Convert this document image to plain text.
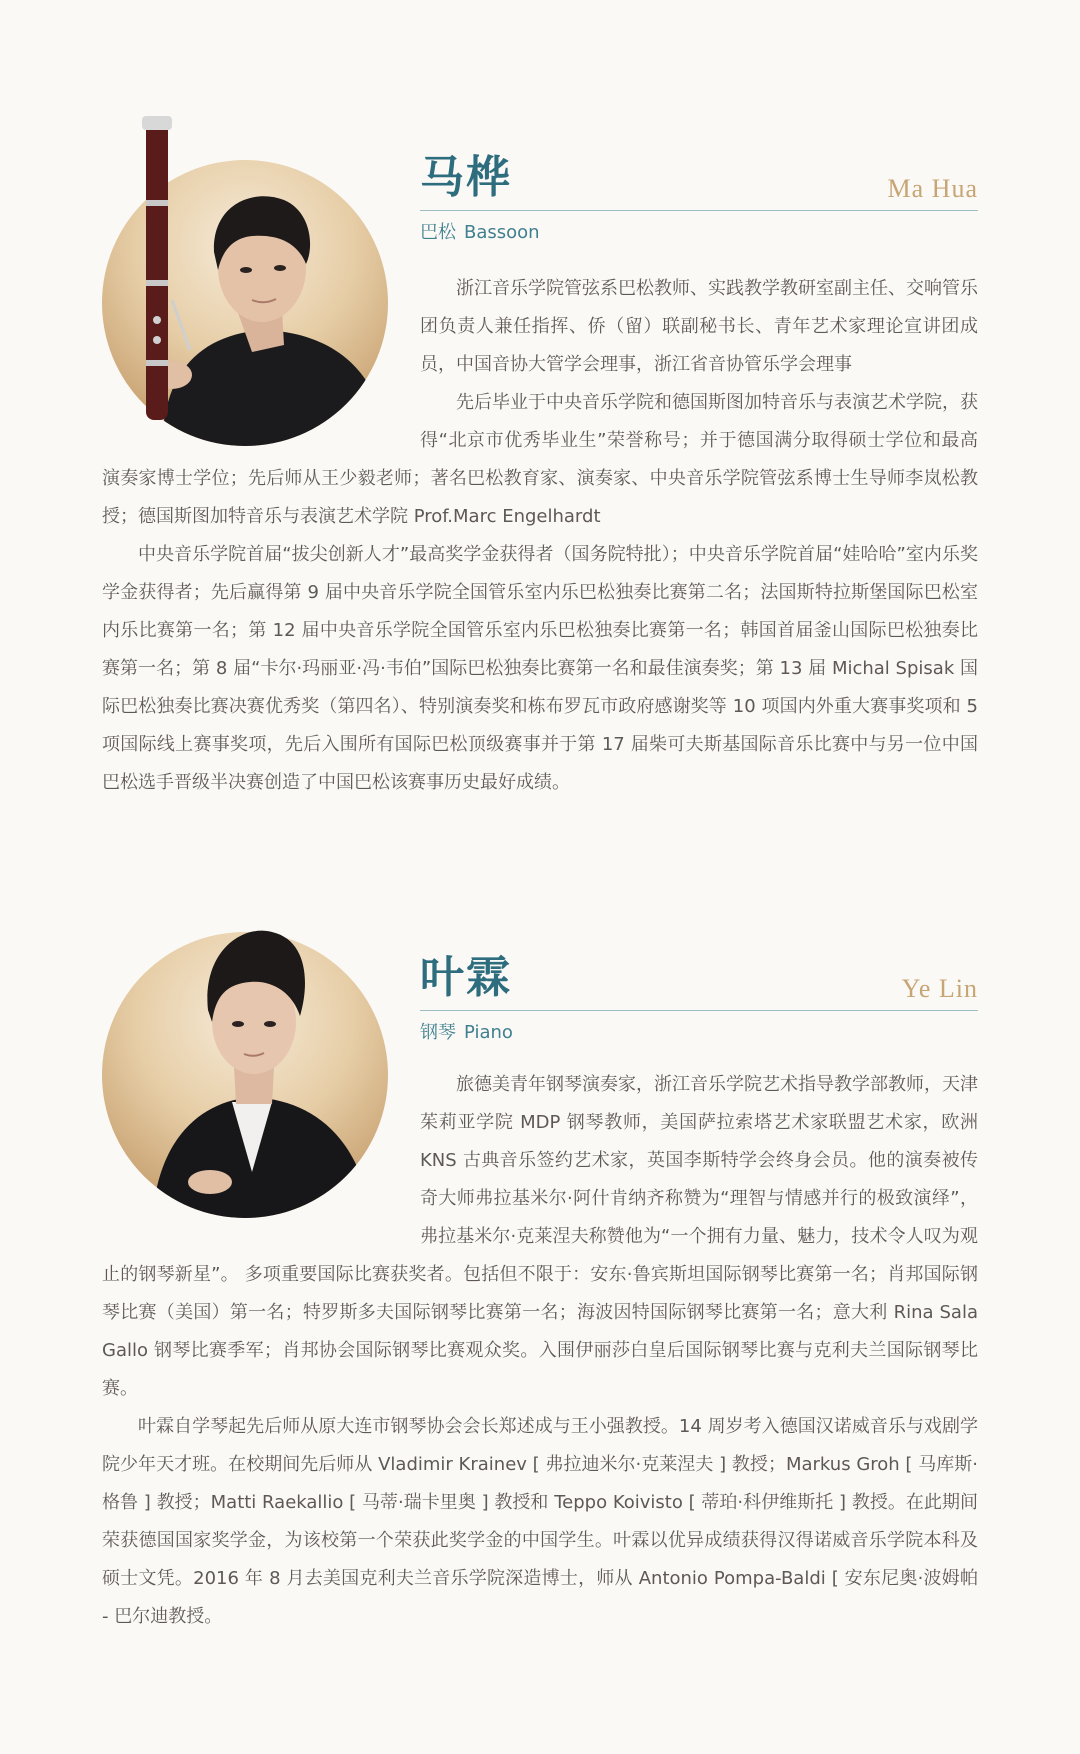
马桦	Ma Hua
巴松 Bassoon

浙江音乐学院管弦系巴松教师、实践教学教研室副主任、交响管乐团负责人兼任指挥、侨（留）联副秘书长、青年艺术家理论宣讲团成员，中国音协大管学会理事，浙江省音协管乐学会理事

先后毕业于中央音乐学院和德国斯图加特音乐与表演艺术学院，获得“北京市优秀毕业生”荣誉称号；并于德国满分取得硕士学位和最高演奏家博士学位；先后师从王少毅老师；著名巴松教育家、演奏家、中央音乐学院管弦系博士生导师李岚松教授；德国斯图加特音乐与表演艺术学院 Prof.Marc Engelhardt

中央音乐学院首届“拔尖创新人才”最高奖学金获得者（国务院特批）；中央音乐学院首届“娃哈哈”室内乐奖学金获得者；先后赢得第 9 届中央音乐学院全国管乐室内乐巴松独奏比赛第二名；法国斯特拉斯堡国际巴松室内乐比赛第一名；第 12 届中央音乐学院全国管乐室内乐巴松独奏比赛第一名；韩国首届釜山国际巴松独奏比赛第一名；第 8 届“卡尔·玛丽亚·冯·韦伯”国际巴松独奏比赛第一名和最佳演奏奖；第 13 届 Michal Spisak 国际巴松独奏比赛决赛优秀奖（第四名）、特别演奏奖和栋布罗瓦市政府感谢奖等 10 项国内外重大赛事奖项和 5 项国际线上赛事奖项，先后入围所有国际巴松顶级赛事并于第 17 届柴可夫斯基国际音乐比赛中与另一位中国巴松选手晋级半决赛创造了中国巴松该赛事历史最好成绩。

叶霖	Ye Lin
钢琴 Piano

旅德美青年钢琴演奏家，浙江音乐学院艺术指导教学部教师，天津茱莉亚学院 MDP 钢琴教师，美国萨拉索塔艺术家联盟艺术家，欧洲 KNS 古典音乐签约艺术家，英国李斯特学会终身会员。他的演奏被传奇大师弗拉基米尔·阿什肯纳齐称赞为“理智与情感并行的极致演绎”，弗拉基米尔·克莱涅夫称赞他为“一个拥有力量、魅力，技术令人叹为观止的钢琴新星”。 多项重要国际比赛获奖者。包括但不限于：安东·鲁宾斯坦国际钢琴比赛第一名；肖邦国际钢琴比赛（美国）第一名；特罗斯多夫国际钢琴比赛第一名；海波因特国际钢琴比赛第一名；意大利 Rina Sala Gallo 钢琴比赛季军；肖邦协会国际钢琴比赛观众奖。入围伊丽莎白皇后国际钢琴比赛与克利夫兰国际钢琴比赛。

叶霖自学琴起先后师从原大连市钢琴协会会长郑述成与王小强教授。14 周岁考入德国汉诺威音乐与戏剧学院少年天才班。在校期间先后师从 Vladimir Krainev [ 弗拉迪米尔·克莱涅夫 ] 教授；Markus Groh [ 马库斯·格鲁 ] 教授；Matti Raekallio [ 马蒂·瑞卡里奥 ] 教授和 Teppo Koivisto [ 蒂珀·科伊维斯托 ] 教授。在此期间荣获德国国家奖学金，为该校第一个荣获此奖学金的中国学生。叶霖以优异成绩获得汉得诺威音乐学院本科及硕士文凭。2016 年 8 月去美国克利夫兰音乐学院深造博士，师从 Antonio Pompa-Baldi [ 安东尼奥·波姆帕 - 巴尔迪教授。
